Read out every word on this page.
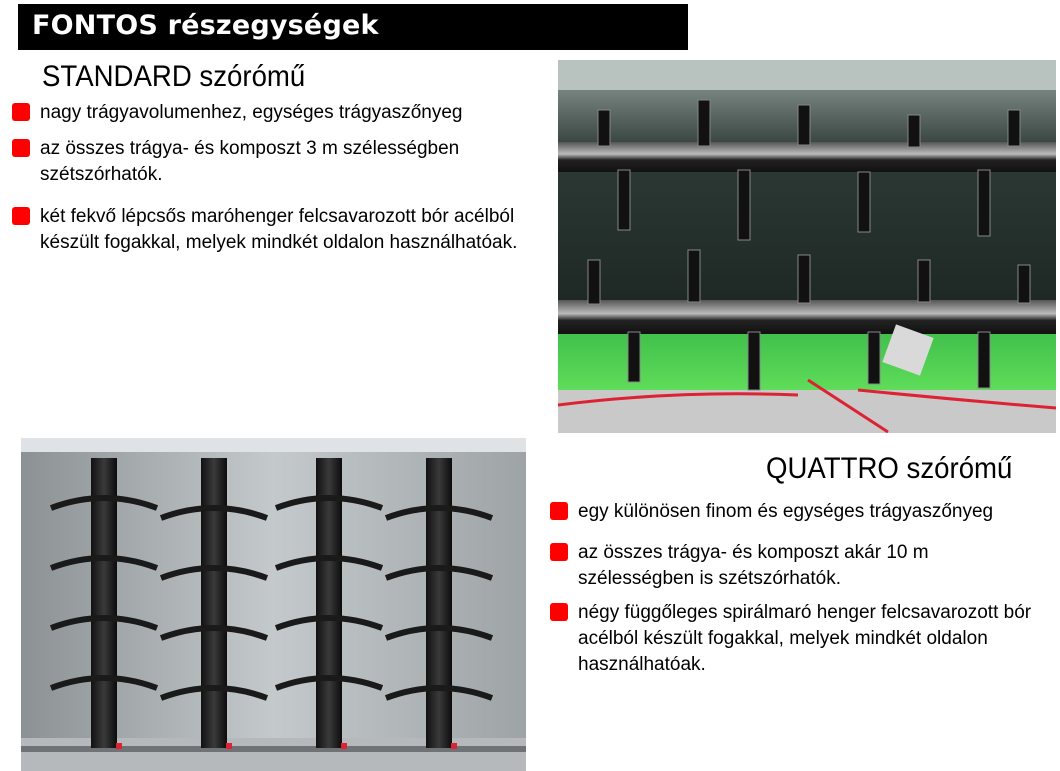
FONTOS részegységek
STANDARD szórómű
nagy trágyavolumenhez, egységes trágyaszőnyeg
az összes trágya- és komposzt 3 m szélességben szétszórhatók.
két fekvő lépcsős maróhenger felcsavarozott bór acélból készült fogakkal, melyek mindkét oldalon használhatóak.
QUATTRO szórómű
egy különösen finom és egységes trágyaszőnyeg
az összes trágya- és komposzt akár 10 m szélességben is szétszórhatók.
négy függőleges spirálmaró henger felcsavarozott bór acélból készült fogakkal, melyek mindkét oldalon használhatóak.
